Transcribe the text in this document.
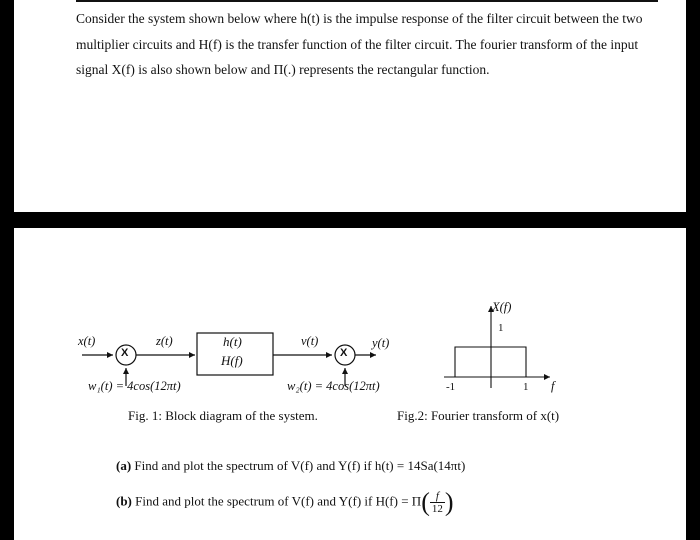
Consider the system shown below where h(t) is the impulse response of the filter circuit between the two
multiplier circuits and H(f) is the transfer function of the filter circuit. The fourier transform of the input
signal X(f) is also shown below and Π(.) represents the rectangular function.
x(t)
X
z(t)	h(t)
H(f)
v(t)
X
y(t)
w₁(t) = 4cos(12πt)	w₂(t) = 4cos(12πt)
Fig. 1: Block diagram of the system.
X(f)
1
-1	1 f
Fig.2: Fourier transform of x(t)
(a) Find and plot the spectrum of V(f) and Y(f) if h(t) = 14Sa(14πt)
(b) Find and plot the spectrum of V(f) and Y(f) if $H(f) = \Pi( \frac{f}{12}$ )
